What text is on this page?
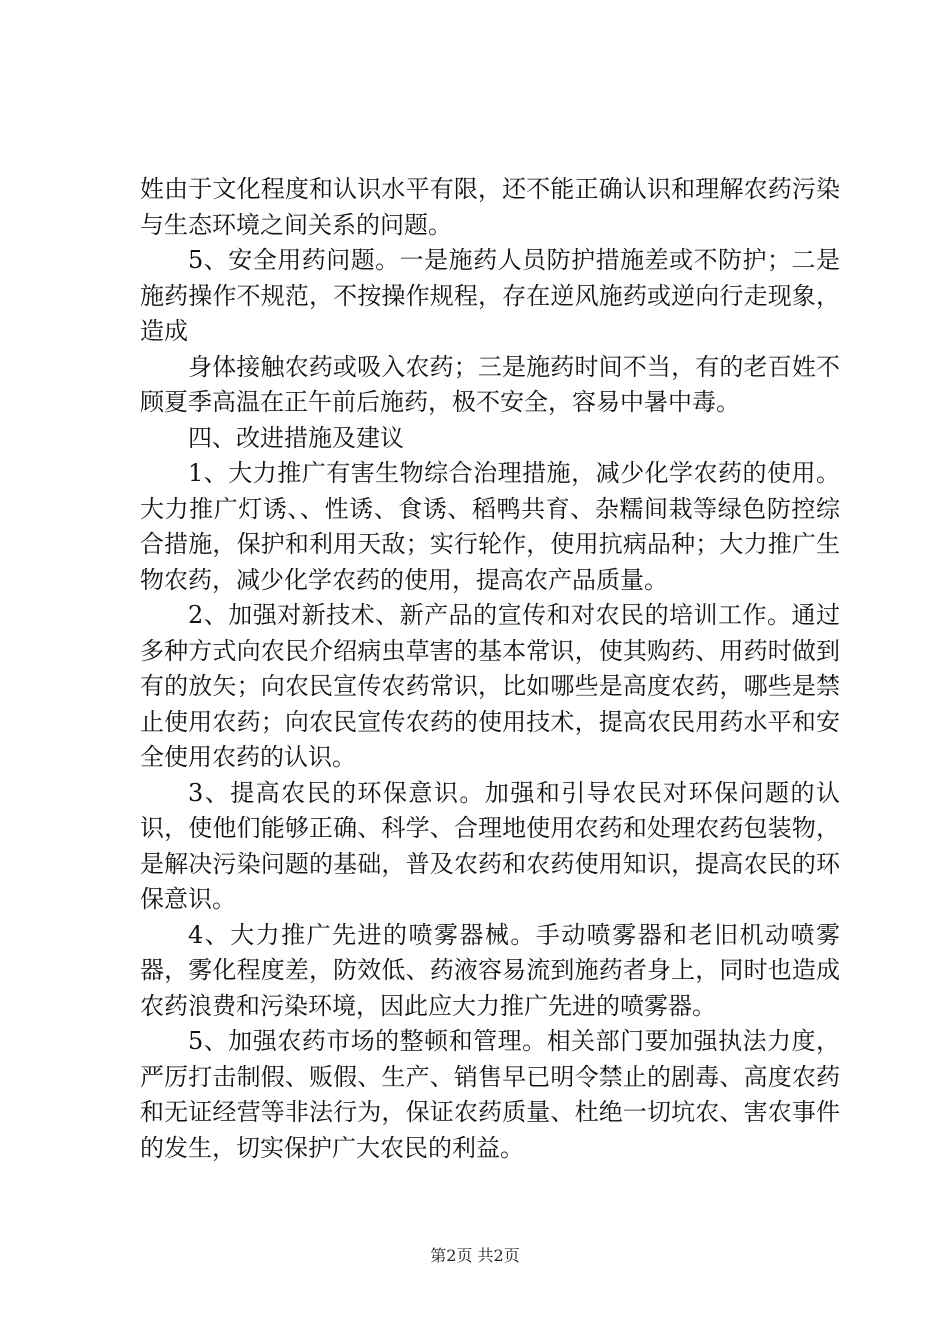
姓由于文化程度和认识水平有限，还不能正确认识和理解农药污染与生态环境之间关系的问题。

5、安全用药问题。一是施药人员防护措施差或不防护；二是施药操作不规范，不按操作规程，存在逆风施药或逆向行走现象，造成

身体接触农药或吸入农药；三是施药时间不当，有的老百姓不顾夏季高温在正午前后施药，极不安全，容易中暑中毒。

四、改进措施及建议

1、大力推广有害生物综合治理措施，减少化学农药的使用。大力推广灯诱、、性诱、食诱、稻鸭共育、杂糯间栽等绿色防控综合措施，保护和利用天敌；实行轮作，使用抗病品种；大力推广生物农药，减少化学农药的使用，提高农产品质量。

2、加强对新技术、新产品的宣传和对农民的培训工作。通过多种方式向农民介绍病虫草害的基本常识，使其购药、用药时做到有的放矢；向农民宣传农药常识，比如哪些是高度农药，哪些是禁止使用农药；向农民宣传农药的使用技术，提高农民用药水平和安全使用农药的认识。

3、提高农民的环保意识。加强和引导农民对环保问题的认识，使他们能够正确、科学、合理地使用农药和处理农药包装物，是解决污染问题的基础，普及农药和农药使用知识，提高农民的环保意识。

4、大力推广先进的喷雾器械。手动喷雾器和老旧机动喷雾器，雾化程度差，防效低、药液容易流到施药者身上，同时也造成农药浪费和污染环境，因此应大力推广先进的喷雾器。

5、加强农药市场的整顿和管理。相关部门要加强执法力度，严厉打击制假、贩假、生产、销售早已明令禁止的剧毒、高度农药和无证经营等非法行为，保证农药质量、杜绝一切坑农、害农事件的发生，切实保护广大农民的利益。

第2页 共2页
